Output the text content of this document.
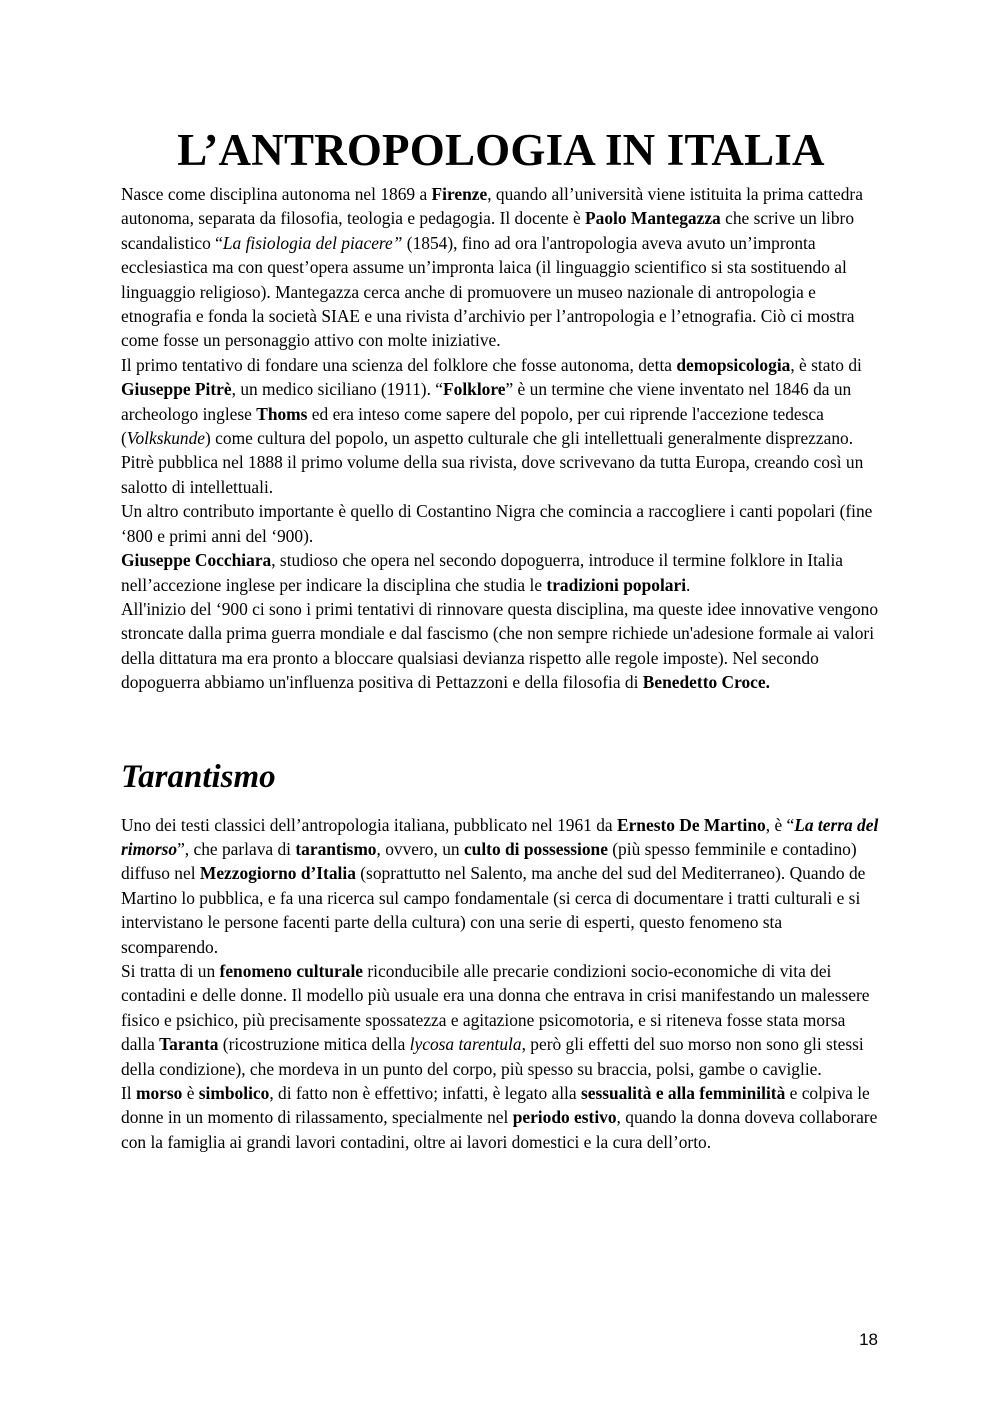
L’ANTROPOLOGIA IN ITALIA

Nasce come disciplina autonoma nel 1869 a Firenze, quando all’università viene istituita la prima cattedra autonoma, separata da filosofia, teologia e pedagogia. Il docente è Paolo Mantegazza che scrive un libro scandalistico “La fisiologia del piacere” (1854), fino ad ora l'antropologia aveva avuto un’impronta ecclesiastica ma con quest’opera assume un’impronta laica (il linguaggio scientifico si sta sostituendo al linguaggio religioso). Mantegazza cerca anche di promuovere un museo nazionale di antropologia e etnografia e fonda la società SIAE e una rivista d’archivio per l’antropologia e l’etnografia. Ciò ci mostra come fosse un personaggio attivo con molte iniziative.

Il primo tentativo di fondare una scienza del folklore che fosse autonoma, detta demopsicologia, è stato di Giuseppe Pitrè, un medico siciliano (1911). “Folklore” è un termine che viene inventato nel 1846 da un archeologo inglese Thoms ed era inteso come sapere del popolo, per cui riprende l'accezione tedesca (Volkskunde) come cultura del popolo, un aspetto culturale che gli intellettuali generalmente disprezzano.

Pitrè pubblica nel 1888 il primo volume della sua rivista, dove scrivevano da tutta Europa, creando così un salotto di intellettuali.

Un altro contributo importante è quello di Costantino Nigra che comincia a raccogliere i canti popolari (fine ‘800 e primi anni del ‘900).

Giuseppe Cocchiara, studioso che opera nel secondo dopoguerra, introduce il termine folklore in Italia nell’accezione inglese per indicare la disciplina che studia le tradizioni popolari.

All'inizio del ‘900 ci sono i primi tentativi di rinnovare questa disciplina, ma queste idee innovative vengono stroncate dalla prima guerra mondiale e dal fascismo (che non sempre richiede un'adesione formale ai valori della dittatura ma era pronto a bloccare qualsiasi devianza rispetto alle regole imposte). Nel secondo dopoguerra abbiamo un'influenza positiva di Pettazzoni e della filosofia di Benedetto Croce.

Tarantismo

Uno dei testi classici dell’antropologia italiana, pubblicato nel 1961 da Ernesto De Martino, è “La terra del rimorso”, che parlava di tarantismo, ovvero, un culto di possessione (più spesso femminile e contadino) diffuso nel Mezzogiorno d’Italia (soprattutto nel Salento, ma anche del sud del Mediterraneo). Quando de Martino lo pubblica, e fa una ricerca sul campo fondamentale (si cerca di documentare i tratti culturali e si intervistano le persone facenti parte della cultura) con una serie di esperti, questo fenomeno sta scomparendo.

Si tratta di un fenomeno culturale riconducibile alle precarie condizioni socio-economiche di vita dei contadini e delle donne. Il modello più usuale era una donna che entrava in crisi manifestando un malessere fisico e psichico, più precisamente spossatezza e agitazione psicomotoria, e si riteneva fosse stata morsa dalla Taranta (ricostruzione mitica della lycosa tarentula, però gli effetti del suo morso non sono gli stessi della condizione), che mordeva in un punto del corpo, più spesso su braccia, polsi, gambe o caviglie.

Il morso è simbolico, di fatto non è effettivo; infatti, è legato alla sessualità e alla femminilità e colpiva le donne in un momento di rilassamento, specialmente nel periodo estivo, quando la donna doveva collaborare con la famiglia ai grandi lavori contadini, oltre ai lavori domestici e la cura dell’orto.

18
